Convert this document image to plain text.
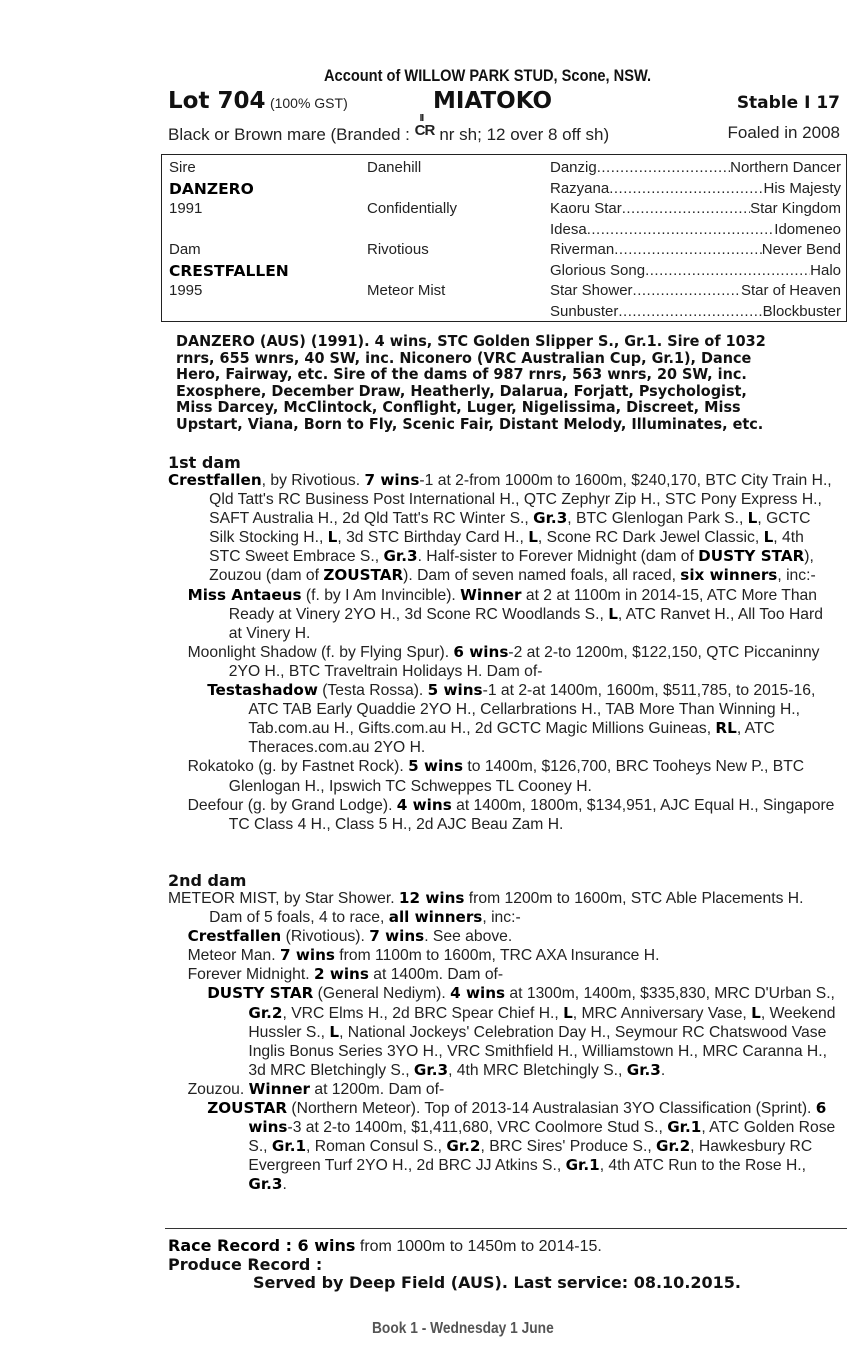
Account of WILLOW PARK STUD, Scone, NSW.
Lot 704 (100% GST)	MIATOKO	Stable I 17
Black or Brown mare (Branded :
II
CR nr sh; 12 over 8 off sh)	Foaled in 2008
Sire	Danehill	Danzig ..... Northern Dancer

DANZERO		Razyana ..... His Majesty

1991	Confidentially	Kaoru Star ..... Star Kingdom

		Idesa ..... Idomeneo

Dam	Rivotious	Riverman ..... Never Bend

CRESTFALLEN		Glorious Song ..... Halo

1995	Meteor Mist	Star Shower ..... Star of Heaven

		Sunbuster ..... Blockbuster
DANZERO (AUS) (1991). 4 wins, STC Golden Slipper S., Gr.1. Sire of 1032
rnrs, 655 wnrs, 40 SW, inc. Niconero (VRC Australian Cup, Gr.1), Dance
Hero, Fairway, etc. Sire of the dams of 987 rnrs, 563 wnrs, 20 SW, inc.
Exosphere, December Draw, Heatherly, Dalarua, Forjatt, Psychologist,
Miss Darcey, McClintock, Conflight, Luger, Nigelissima, Discreet, Miss
Upstart, Viana, Born to Fly, Scenic Fair, Distant Melody, Illuminates, etc.
1st dam

Crestfallen, by Rivotious. 7 wins-1 at 2-from 1000m to 1600m, $240,170, BTC City Train H., Qld Tatt's RC Business Post International H., QTC Zephyr Zip H., STC Pony Express H., SAFT Australia H., 2d Qld Tatt's RC Winter S., Gr.3, BTC Glenlogan Park S., L, GCTC Silk Stocking H., L, 3d STC Birthday Card H., L, Scone RC Dark Jewel Classic, L, 4th STC Sweet Embrace S., Gr.3. Half-sister to Forever Midnight (dam of DUSTY STAR), Zouzou (dam of ZOUSTAR). Dam of seven named foals, all raced, six winners, inc:-

Miss Antaeus (f. by I Am Invincible). Winner at 2 at 1100m in 2014-15, ATC More Than Ready at Vinery 2YO H., 3d Scone RC Woodlands S., L, ATC Ranvet H., All Too Hard at Vinery H.

Moonlight Shadow (f. by Flying Spur). 6 wins-2 at 2-to 1200m, $122,150, QTC Piccaninny 2YO H., BTC Traveltrain Holidays H. Dam of-

Testashadow (Testa Rossa). 5 wins-1 at 2-at 1400m, 1600m, $511,785, to 2015-16, ATC TAB Early Quaddie 2YO H., Cellarbrations H., TAB More Than Winning H., Tab.com.au H., Gifts.com.au H., 2d GCTC Magic Millions Guineas, RL, ATC Theraces.com.au 2YO H.

Rokatoko (g. by Fastnet Rock). 5 wins to 1400m, $126,700, BRC Tooheys New P., BTC Glenlogan H., Ipswich TC Schweppes TL Cooney H.

Deefour (g. by Grand Lodge). 4 wins at 1400m, 1800m, $134,951, AJC Equal H., Singapore TC Class 4 H., Class 5 H., 2d AJC Beau Zam H.

2nd dam

METEOR MIST, by Star Shower. 12 wins from 1200m to 1600m, STC Able Placements H. Dam of 5 foals, 4 to race, all winners, inc:-

Crestfallen (Rivotious). 7 wins. See above.

Meteor Man. 7 wins from 1100m to 1600m, TRC AXA Insurance H.

Forever Midnight. 2 wins at 1400m. Dam of-

DUSTY STAR (General Nediym). 4 wins at 1300m, 1400m, $335,830, MRC D'Urban S., Gr.2, VRC Elms H., 2d BRC Spear Chief H., L, MRC Anniversary Vase, L, Weekend Hussler S., L, National Jockeys' Celebration Day H., Seymour RC Chatswood Vase Inglis Bonus Series 3YO H., VRC Smithfield H., Williamstown H., MRC Caranna H., 3d MRC Bletchingly S., Gr.3, 4th MRC Bletchingly S., Gr.3.

Zouzou. Winner at 1200m. Dam of-

ZOUSTAR (Northern Meteor). Top of 2013-14 Australasian 3YO Classification (Sprint). 6 wins-3 at 2-to 1400m, $1,411,680, VRC Coolmore Stud S., Gr.1, ATC Golden Rose S., Gr.1, Roman Consul S., Gr.2, BRC Sires' Produce S., Gr.2, Hawkesbury RC Evergreen Turf 2YO H., 2d BRC JJ Atkins S., Gr.1, 4th ATC Run to the Rose H., Gr.3.

Race Record : 6 wins from 1000m to 1450m to 2014-15.
Produce Record :
Served by Deep Field (AUS). Last service: 08.10.2015.
Book 1 - Wednesday 1 June
